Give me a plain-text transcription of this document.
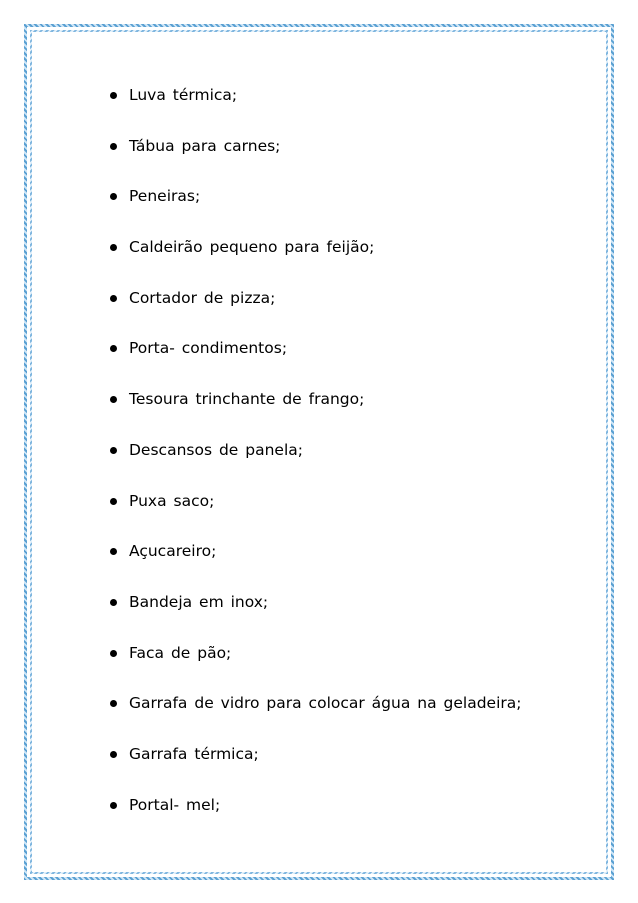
Luva térmica;
Tábua para carnes;
Peneiras;
Caldeirão pequeno para feijão;
Cortador de pizza;
Porta- condimentos;
Tesoura trinchante de frango;
Descansos de panela;
Puxa saco;
Açucareiro;
Bandeja em inox;
Faca de pão;
Garrafa de vidro para colocar água na geladeira;
Garrafa térmica;
Portal- mel;
